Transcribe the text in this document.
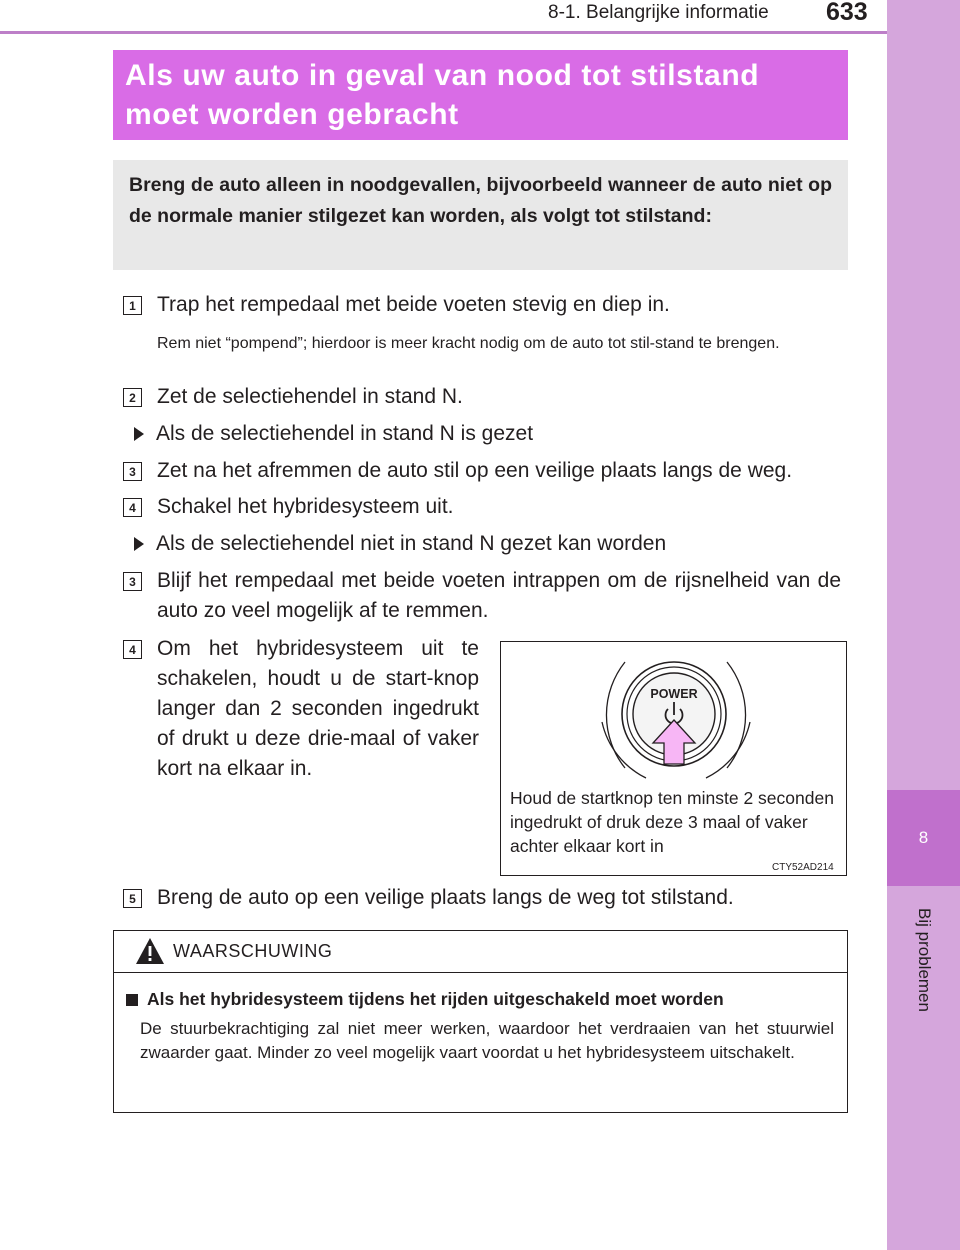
8
Bij problemen
8-1. Belangrijke informatie 633
Als uw auto in geval van nood tot stilstand moet worden gebracht
Breng de auto alleen in noodgevallen, bijvoorbeeld wanneer de auto niet op de normale manier stilgezet kan worden, als volgt tot stilstand:
1 Trap het rempedaal met beide voeten stevig en diep in.
Rem niet “pompend”; hierdoor is meer kracht nodig om de auto tot stil-stand te brengen.
2 Zet de selectiehendel in stand N.
Als de selectiehendel in stand N is gezet
3 Zet na het afremmen de auto stil op een veilige plaats langs de weg.
4 Schakel het hybridesysteem uit.
Als de selectiehendel niet in stand N gezet kan worden
3 Blijf het rempedaal met beide voeten intrappen om de rijsnelheid van de auto zo veel mogelijk af te remmen.
4 Om het hybridesysteem uit te schakelen, houdt u de start-knop langer dan 2 seconden ingedrukt of drukt u deze drie-maal of vaker kort na elkaar in.
POWER
Houd de startknop ten minste 2 seconden ingedrukt of druk deze 3 maal of vaker achter elkaar kort in
CTY52AD214
5 Breng de auto op een veilige plaats langs de weg tot stilstand.
WAARSCHUWING
Als het hybridesysteem tijdens het rijden uitgeschakeld moet worden
De stuurbekrachtiging zal niet meer werken, waardoor het verdraaien van het stuurwiel zwaarder gaat. Minder zo veel mogelijk vaart voordat u het hybridesysteem uitschakelt.
